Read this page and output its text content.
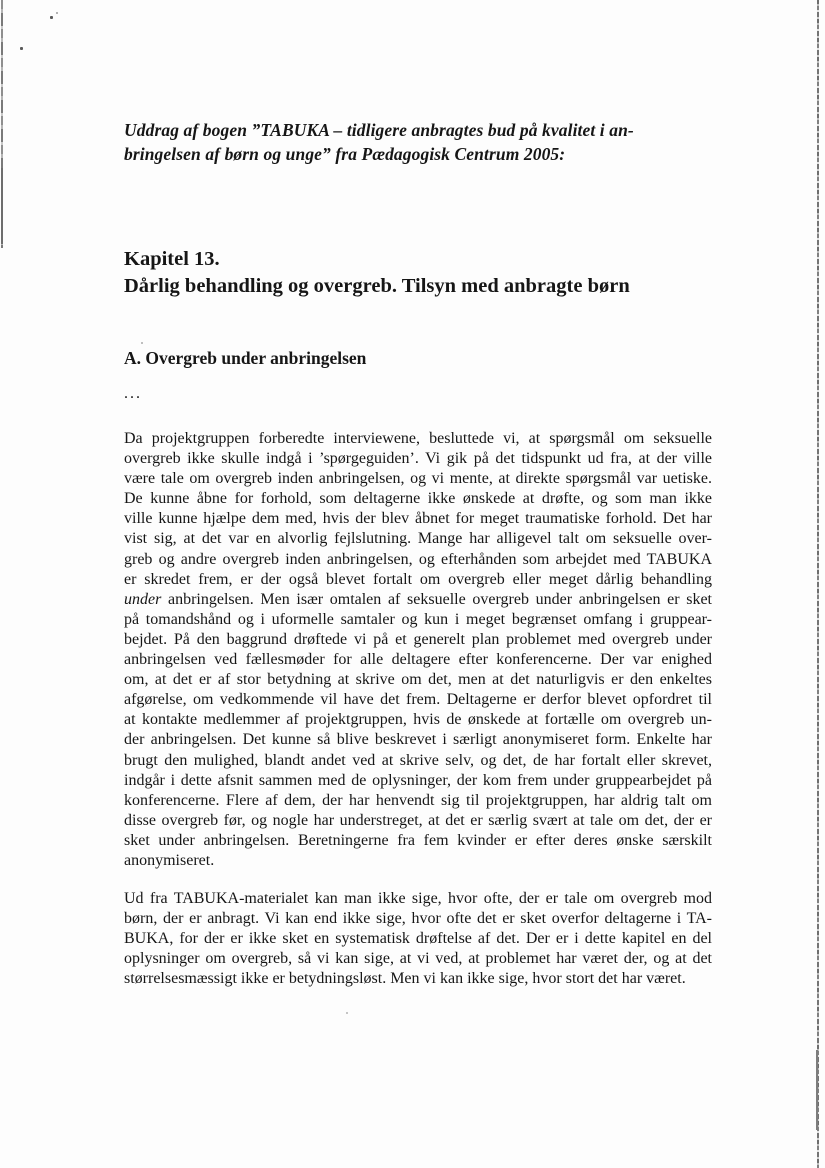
Uddrag af bogen ”TABUKA – tidligere anbragtes bud på kvalitet i an-
bringelsen af børn og unge” fra Pædagogisk Centrum 2005:
Kapitel 13.
Dårlig behandling og overgreb. Tilsyn med anbragte børn
A. Overgreb under anbringelsen
...
Da projektgruppen forberedte interviewene, besluttede vi, at spørgsmål om seksuelle
overgreb ikke skulle indgå i ’spørgeguiden’. Vi gik på det tidspunkt ud fra, at der ville
være tale om overgreb inden anbringelsen, og vi mente, at direkte spørgsmål var uetiske.
De kunne åbne for forhold, som deltagerne ikke ønskede at drøfte, og som man ikke
ville kunne hjælpe dem med, hvis der blev åbnet for meget traumatiske forhold. Det har
vist sig, at det var en alvorlig fejlslutning. Mange har alligevel talt om seksuelle over-
greb og andre overgreb inden anbringelsen, og efterhånden som arbejdet med TABUKA
er skredet frem, er der også blevet fortalt om overgreb eller meget dårlig behandling
under anbringelsen. Men især omtalen af seksuelle overgreb under anbringelsen er sket
på tomandshånd og i uformelle samtaler og kun i meget begrænset omfang i gruppear-
bejdet. På den baggrund drøftede vi på et generelt plan problemet med overgreb under
anbringelsen ved fællesmøder for alle deltagere efter konferencerne. Der var enighed
om, at det er af stor betydning at skrive om det, men at det naturligvis er den enkeltes
afgørelse, om vedkommende vil have det frem. Deltagerne er derfor blevet opfordret til
at kontakte medlemmer af projektgruppen, hvis de ønskede at fortælle om overgreb un-
der anbringelsen. Det kunne så blive beskrevet i særligt anonymiseret form. Enkelte har
brugt den mulighed, blandt andet ved at skrive selv, og det, de har fortalt eller skrevet,
indgår i dette afsnit sammen med de oplysninger, der kom frem under gruppearbejdet på
konferencerne. Flere af dem, der har henvendt sig til projektgruppen, har aldrig talt om
disse overgreb før, og nogle har understreget, at det er særlig svært at tale om det, der er
sket under anbringelsen. Beretningerne fra fem kvinder er efter deres ønske særskilt
anonymiseret.
Ud fra TABUKA-materialet kan man ikke sige, hvor ofte, der er tale om overgreb mod
børn, der er anbragt. Vi kan end ikke sige, hvor ofte det er sket overfor deltagerne i TA-
BUKA, for der er ikke sket en systematisk drøftelse af det. Der er i dette kapitel en del
oplysninger om overgreb, så vi kan sige, at vi ved, at problemet har været der, og at det
størrelsesmæssigt ikke er betydningsløst. Men vi kan ikke sige, hvor stort det har været.
